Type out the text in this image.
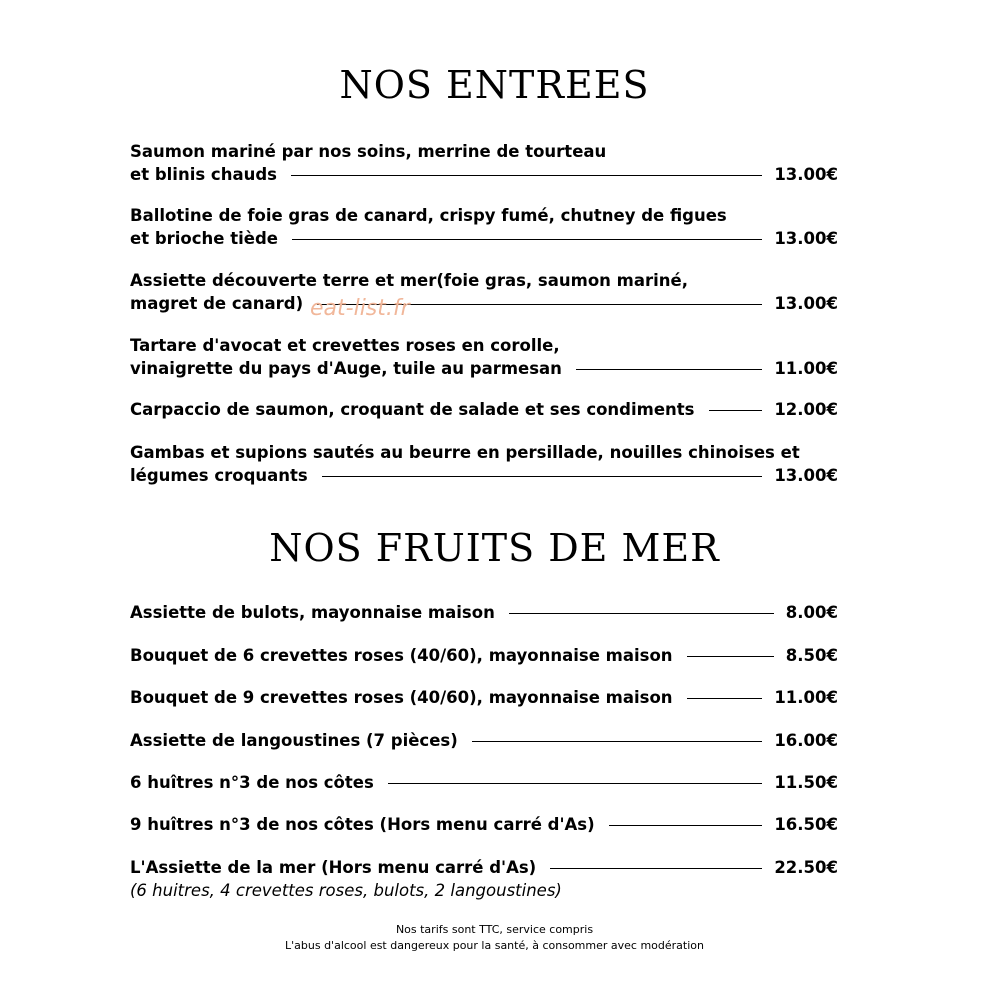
NOS ENTREES
Saumon mariné par nos soins, merrine de tourteau
et blinis chauds	13.00€
Ballotine de foie gras de canard, crispy fumé, chutney de figues
et brioche tiède	13.00€
Assiette découverte terre et mer(foie gras, saumon mariné,
magret de canard)	13.00€
eat-list.fr
Tartare d'avocat et crevettes roses en corolle,
vinaigrette du pays d'Auge, tuile au parmesan	11.00€
Carpaccio de saumon, croquant de salade et ses condiments	12.00€
Gambas et supions sautés au beurre en persillade, nouilles chinoises et
légumes croquants	13.00€
NOS FRUITS DE MER
Assiette de bulots, mayonnaise maison	8.00€
Bouquet de 6 crevettes roses (40/60), mayonnaise maison	8.50€
Bouquet de 9 crevettes roses (40/60), mayonnaise maison	11.00€
Assiette de langoustines (7 pièces)	16.00€
6 huîtres n°3 de nos côtes	11.50€
9 huîtres n°3 de nos côtes (Hors menu carré d'As)	16.50€
L'Assiette de la mer (Hors menu carré d'As)	22.50€
(6 huitres, 4 crevettes roses, bulots, 2 langoustines)
Nos tarifs sont TTC, service compris
L'abus d'alcool est dangereux pour la santé, à consommer avec modération
